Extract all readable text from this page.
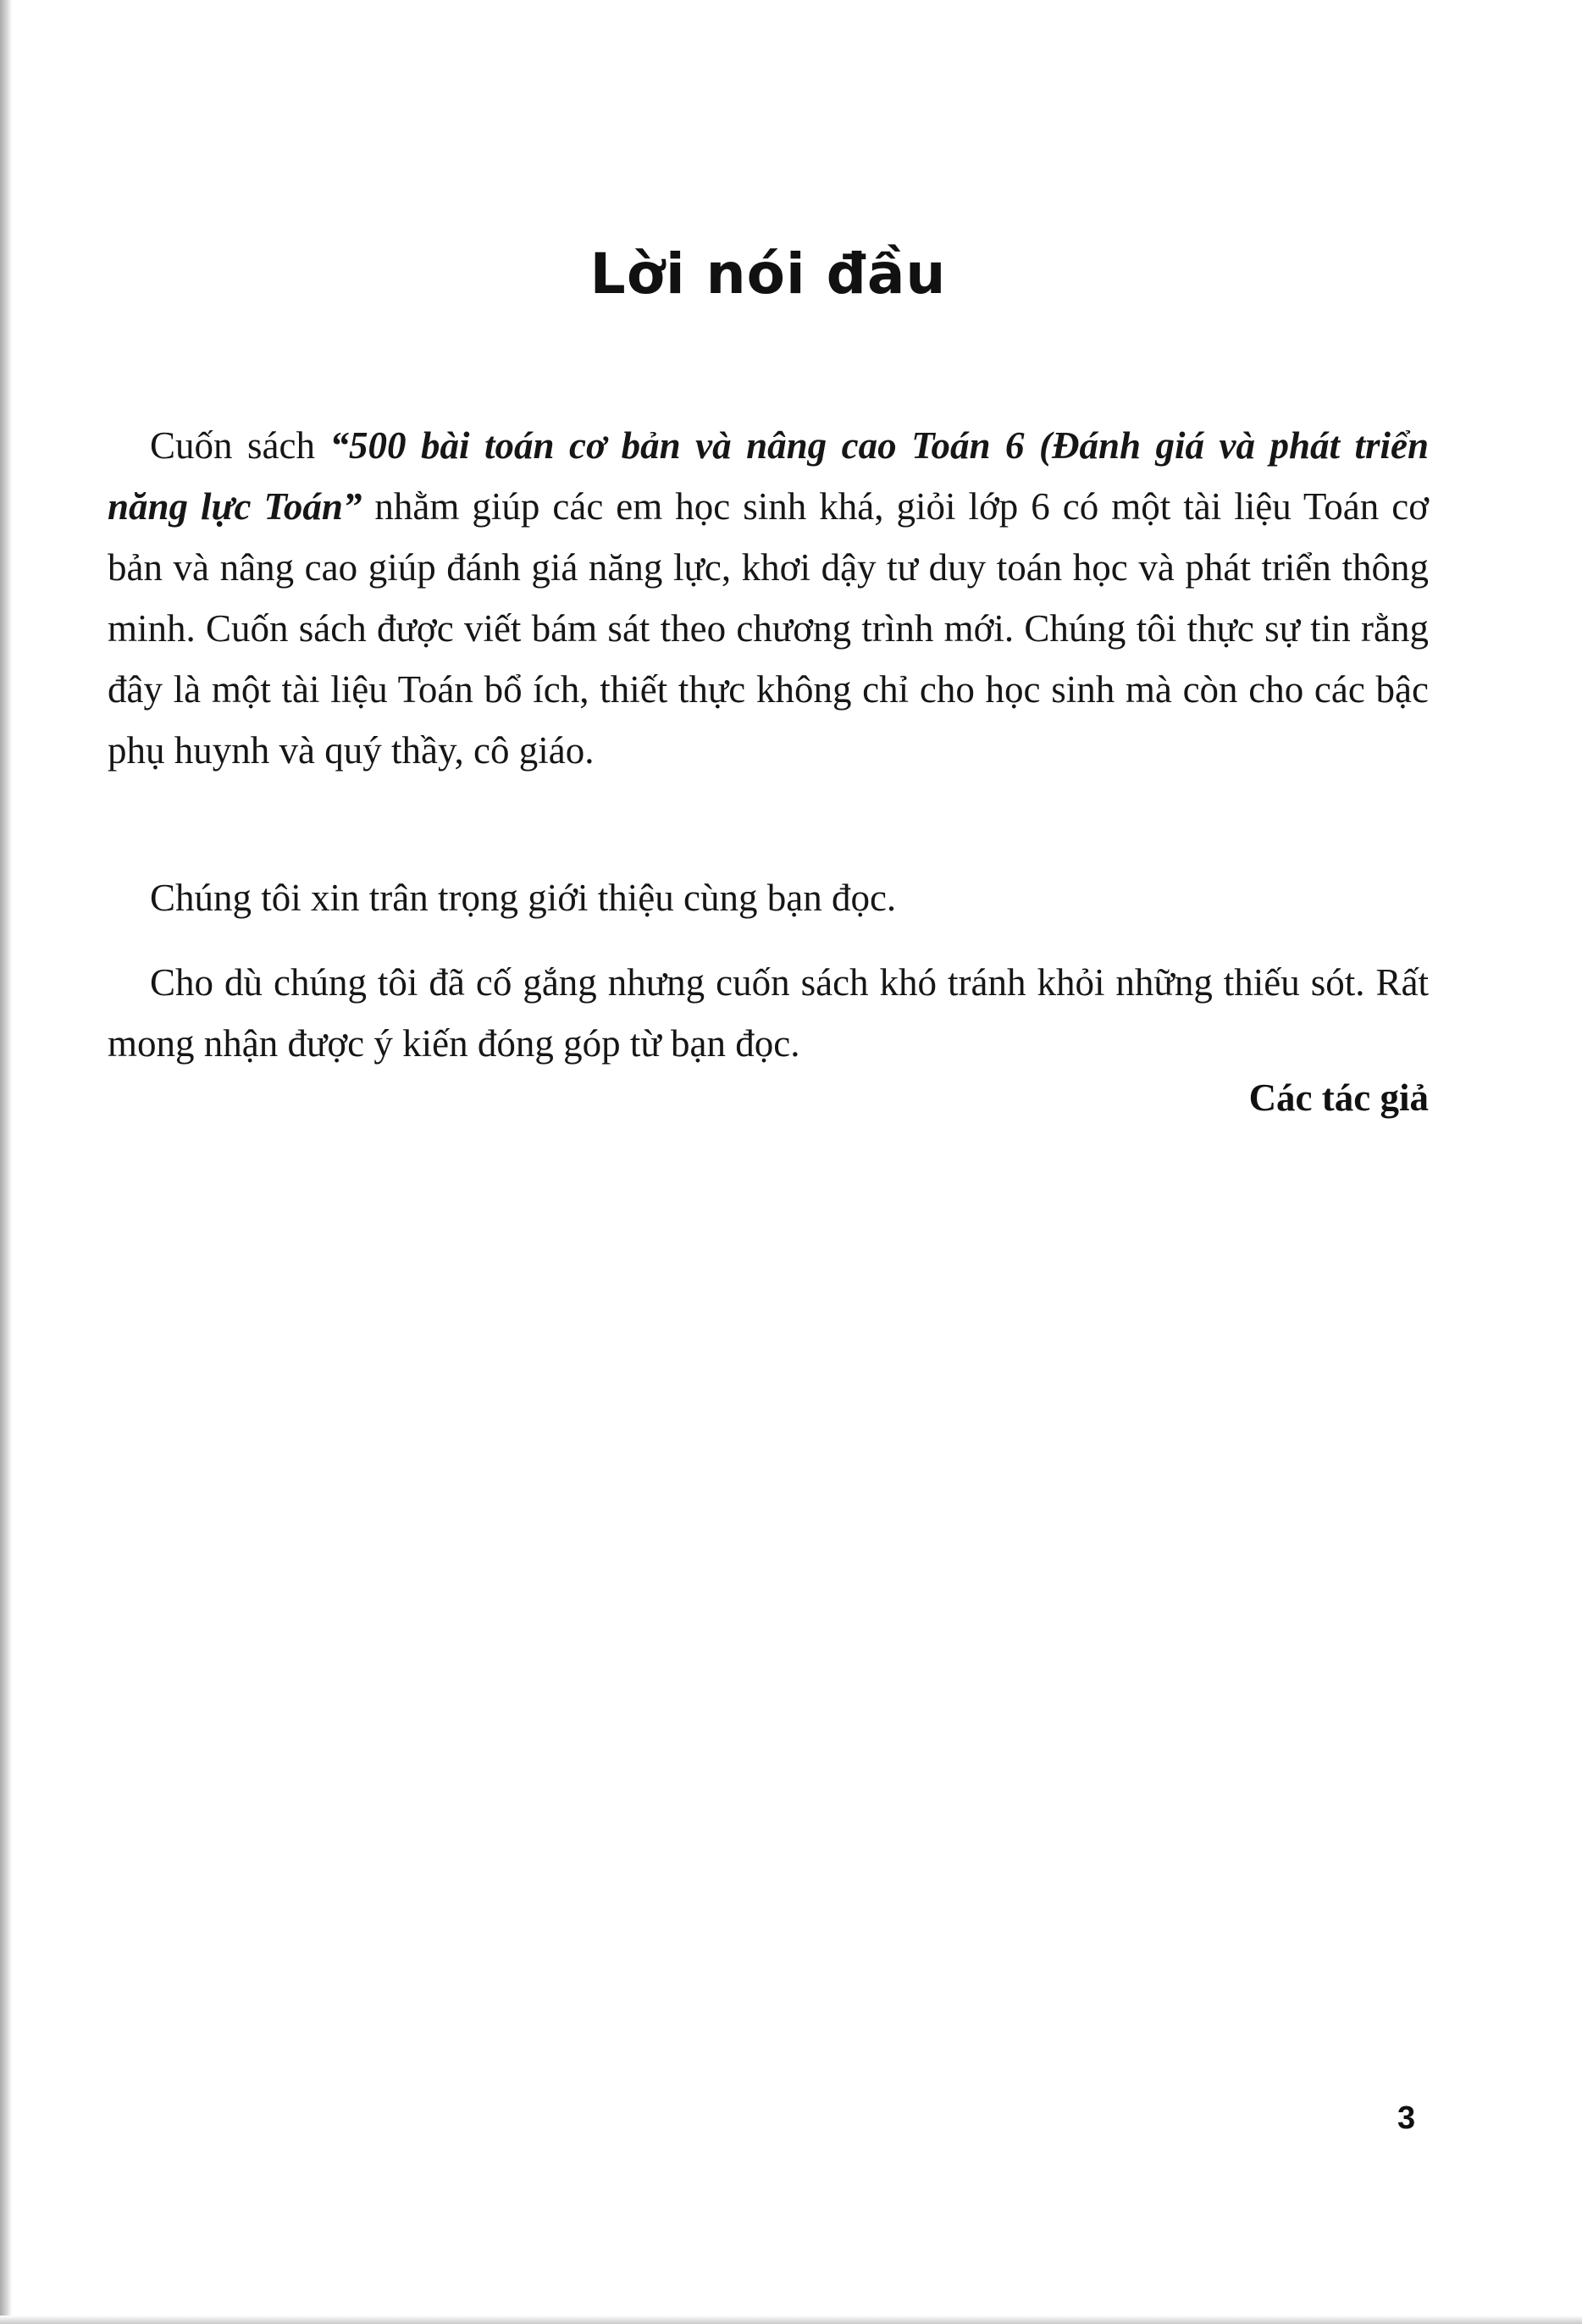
Lời nói đầu

Cuốn sách “500 bài toán cơ bản và nâng cao Toán 6 (Đánh giá và phát triển năng lực Toán” nhằm giúp các em học sinh khá, giỏi lớp 6 có một tài liệu Toán cơ bản và nâng cao giúp đánh giá năng lực, khơi dậy tư duy toán học và phát triển thông minh. Cuốn sách được viết bám sát theo chương trình mới. Chúng tôi thực sự tin rằng đây là một tài liệu Toán bổ ích, thiết thực không chỉ cho học sinh mà còn cho các bậc phụ huynh và quý thầy, cô giáo.

Chúng tôi xin trân trọng giới thiệu cùng bạn đọc.

Cho dù chúng tôi đã cố gắng nhưng cuốn sách khó tránh khỏi những thiếu sót. Rất mong nhận được ý kiến đóng góp từ bạn đọc.

Các tác giả

3
